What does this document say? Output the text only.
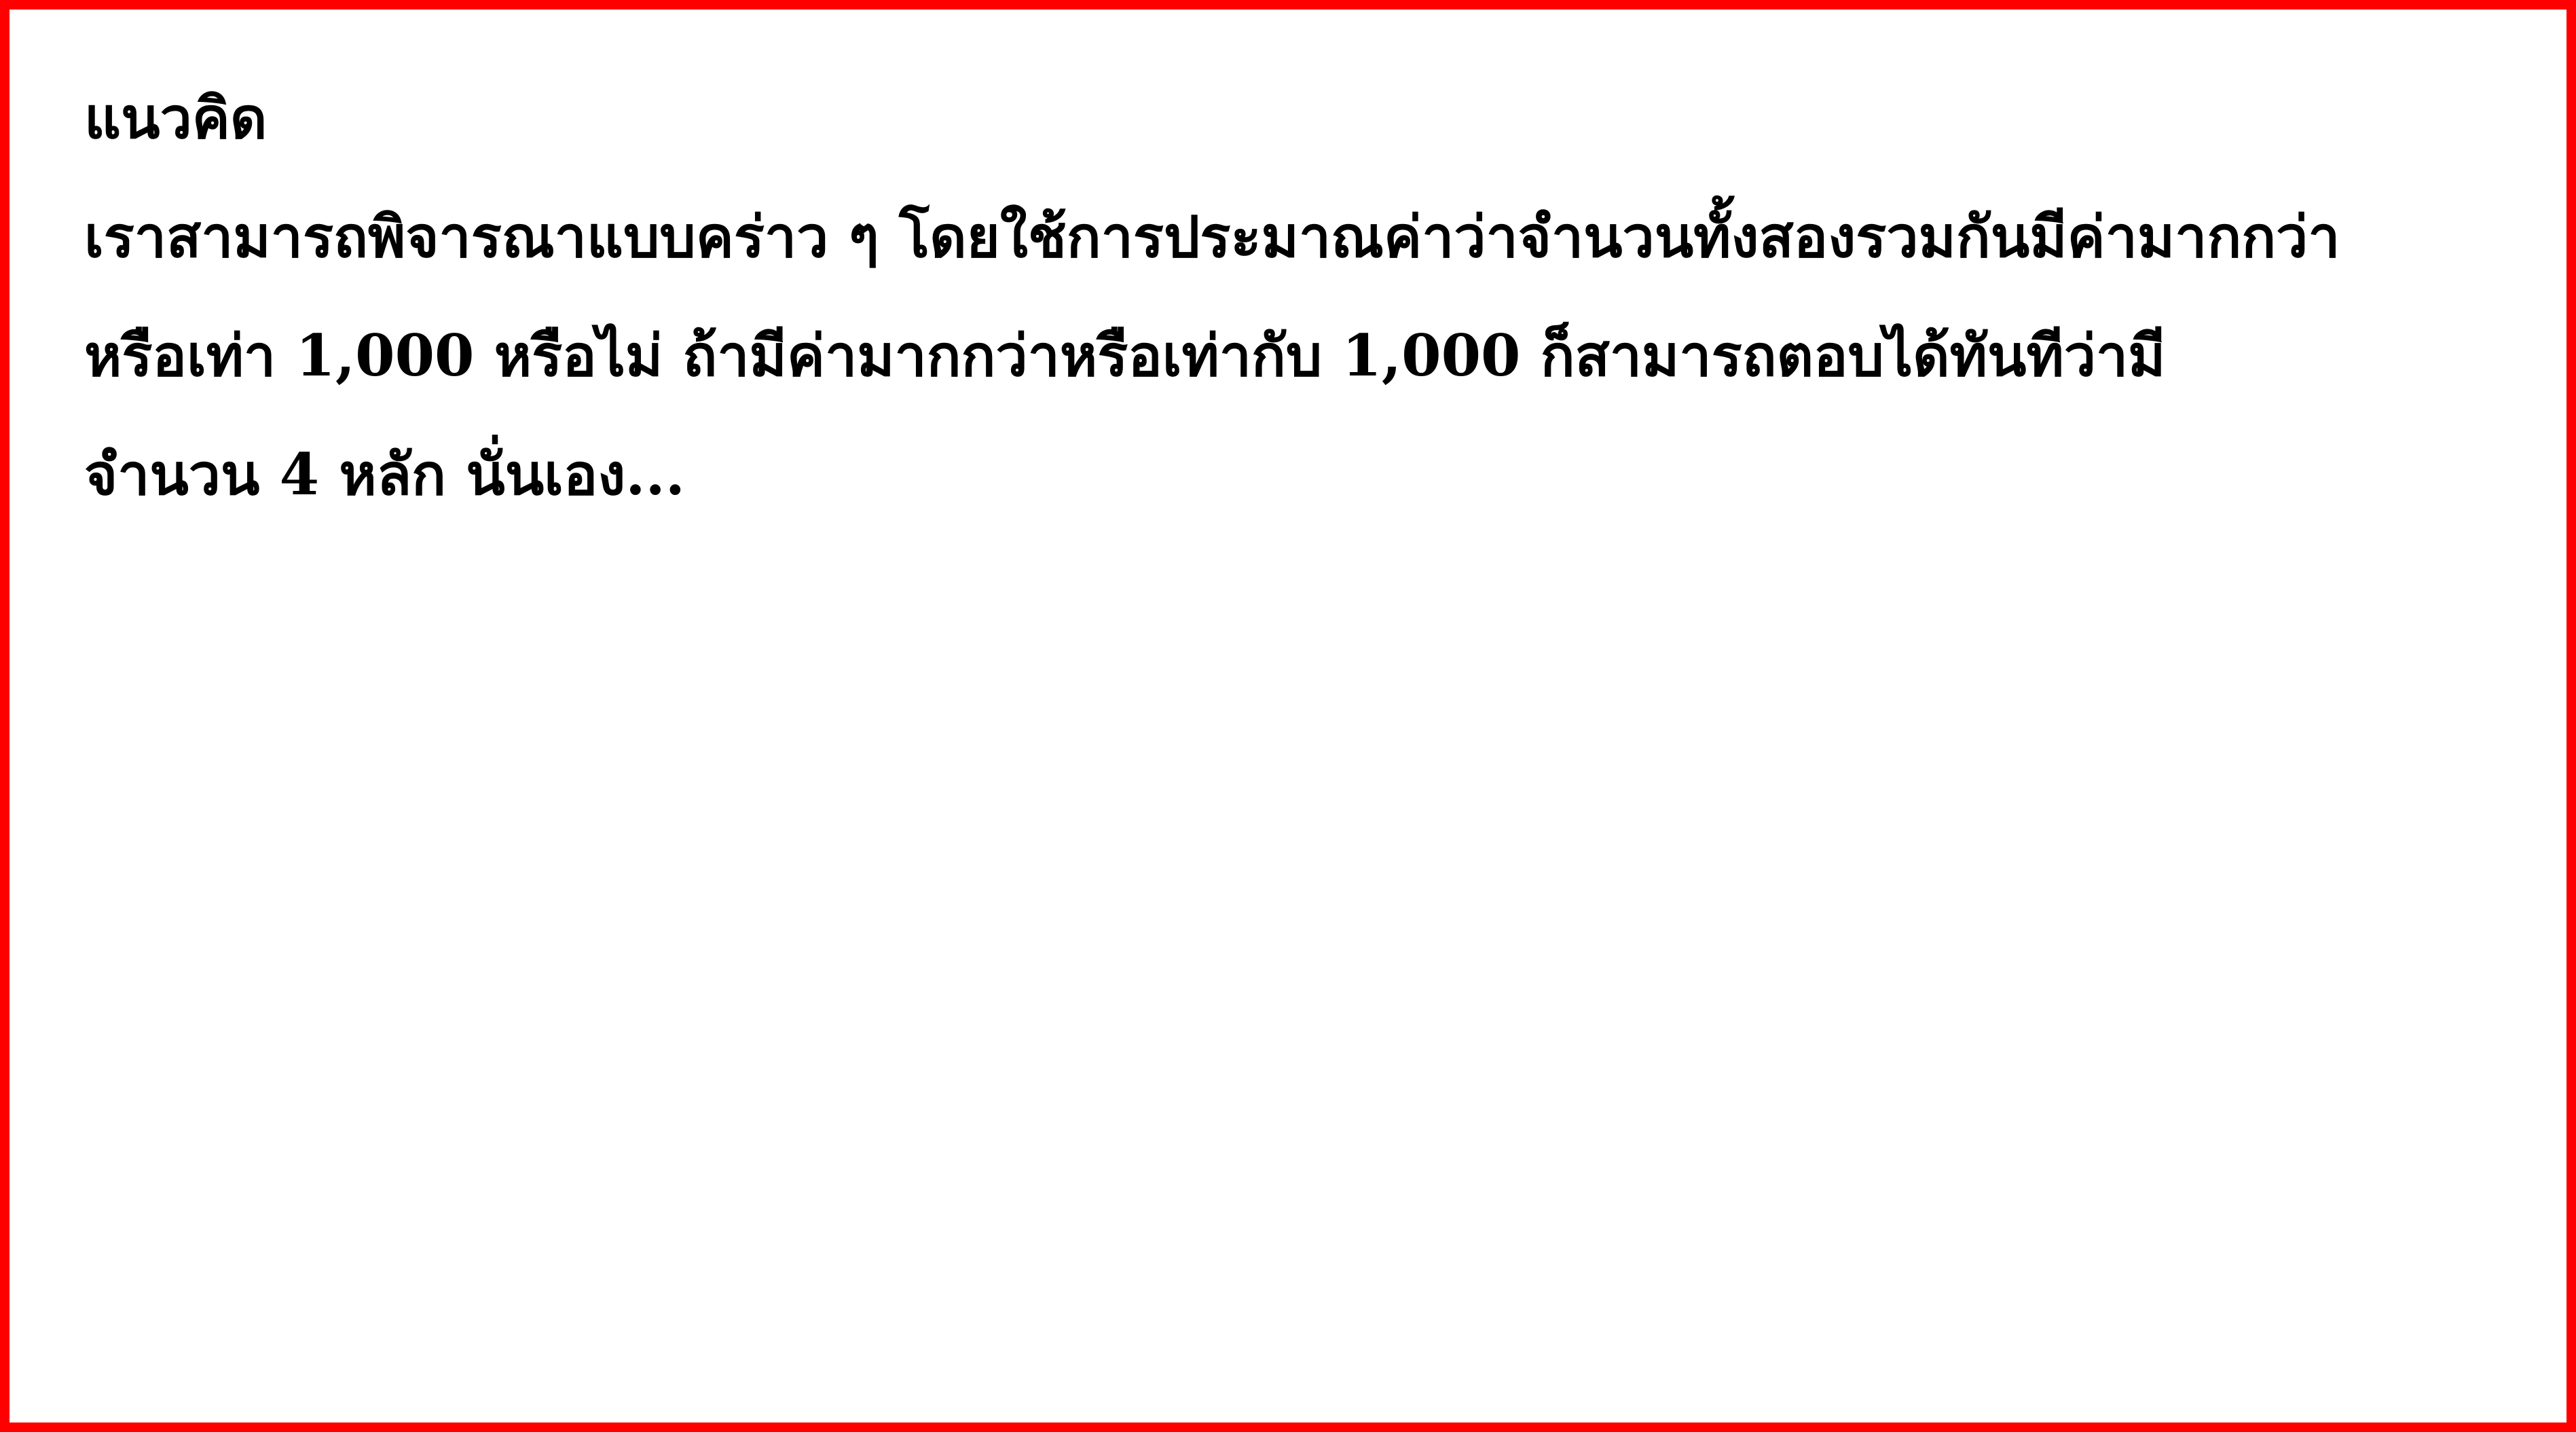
แนวคิด
เราสามารถพิจารณาแบบคร่าว ๆ โดยใช้การประมาณค่าว่าจำนวนทั้งสองรวมกันมีค่ามากกว่า
หรือเท่า 1,000 หรือไม่ ถ้ามีค่ามากกว่าหรือเท่ากับ 1,000 ก็สามารถตอบได้ทันทีว่ามี
จำนวน 4 หลัก นั่นเอง...
